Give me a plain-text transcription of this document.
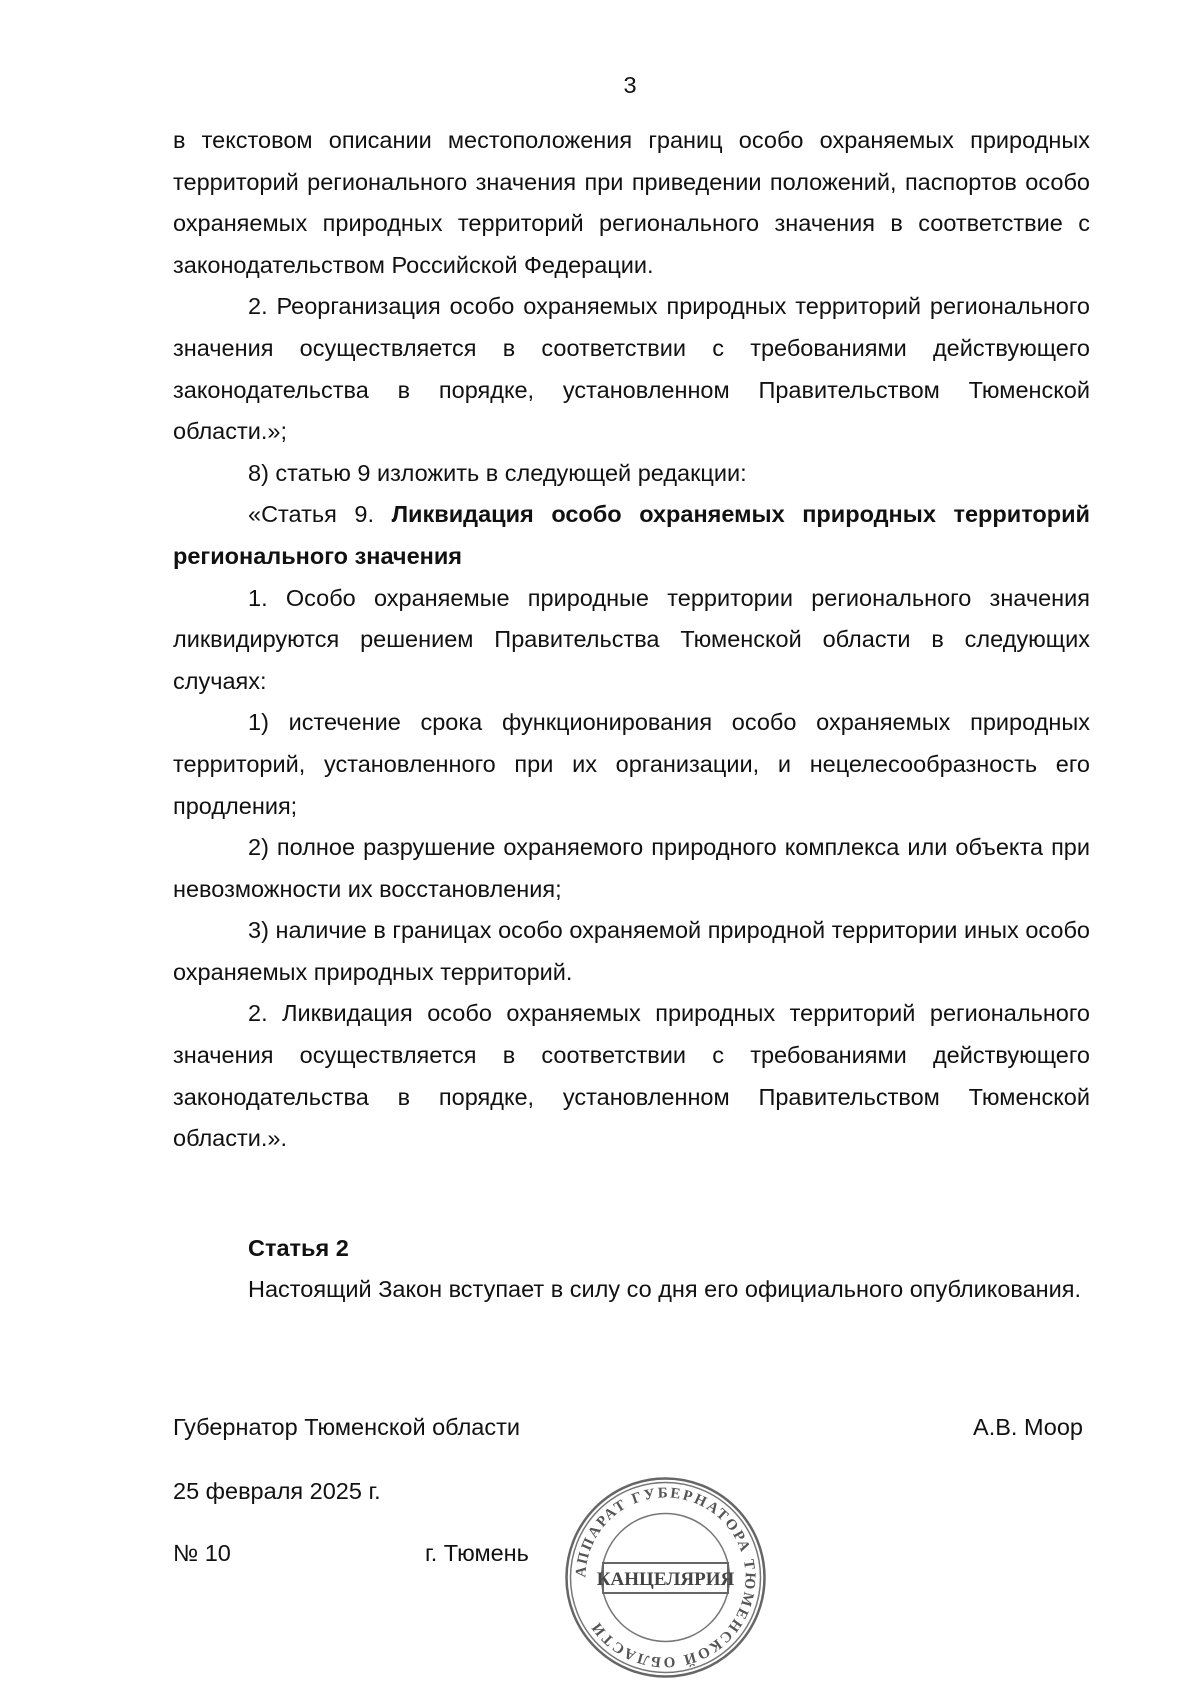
3

в текстовом описании местоположения границ особо охраняемых природных территорий регионального значения при приведении положений, паспортов особо охраняемых природных территорий регионального значения в соответствие с законодательством Российской Федерации.

2. Реорганизация особо охраняемых природных территорий регионального значения осуществляется в соответствии с требованиями действующего законодательства в порядке, установленном Правительством Тюменской области.»;

8) статью 9 изложить в следующей редакции:

«Статья 9. Ликвидация особо охраняемых природных территорий регионального значения

1. Особо охраняемые природные территории регионального значения ликвидируются решением Правительства Тюменской области в следующих случаях:

1) истечение срока функционирования особо охраняемых природных территорий, установленного при их организации, и нецелесообразность его продления;

2) полное разрушение охраняемого природного комплекса или объекта при невозможности их восстановления;

3) наличие в границах особо охраняемой природной территории иных особо охраняемых природных территорий.

2. Ликвидация особо охраняемых природных территорий регионального значения осуществляется в соответствии с требованиями действующего законодательства в порядке, установленном Правительством Тюменской области.».

Статья 2

Настоящий Закон вступает в силу со дня его официального опубликования.

Губернатор Тюменской области	А.В. Моор
25 февраля 2025 г.
№ 10	г. Тюмень
АППАРАТ ГУБЕРНАТОРА ТЮМЕНСКОЙ ОБЛАСТИ
КАНЦЕЛЯРИЯ
